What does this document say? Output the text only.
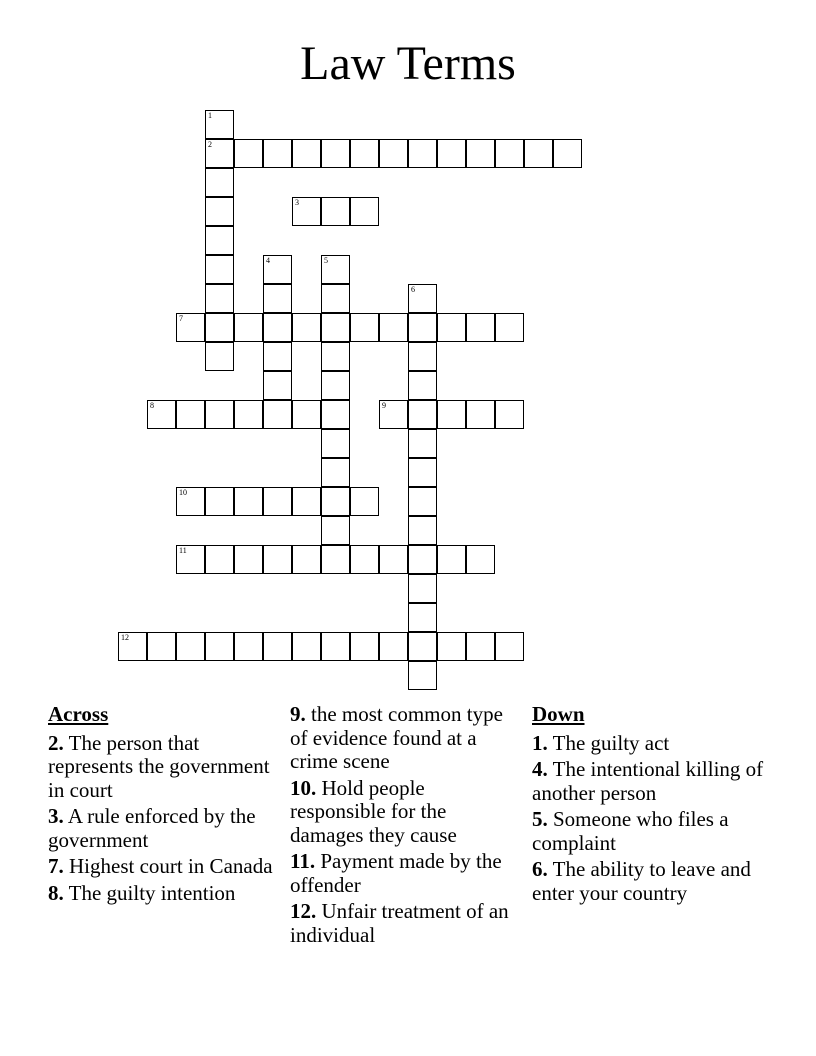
Law Terms
1
2
3
4	5
6
7
8	9
10
11
12
Across
2. The person that represents the government in court
3. A rule enforced by the government
7. Highest court in Canada
8. The guilty intention
9. the most common type of evidence found at a crime scene
10. Hold people responsible for the damages they cause
11. Payment made by the offender
12. Unfair treatment of an individual
Down
1. The guilty act
4. The intentional killing of another person
5. Someone who files a complaint
6. The ability to leave and enter your country
